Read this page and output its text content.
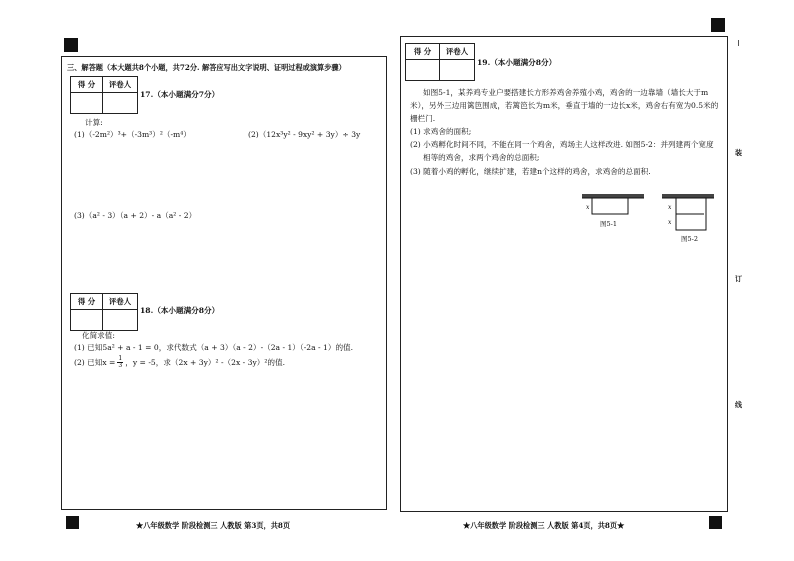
装
订
线
三、解答题（本大题共8个小题，共72分. 解答应写出文字说明、证明过程或演算步骤）
得 分	评卷人
17.（本小题满分7分）
计算:
(1)（-2m²）³+（-3m³）²（-m⁴）	(2)（12x³y² - 9xy² + 3y）÷ 3y
(3)（a² - 3）（a + 2）- a（a² - 2）
得 分	评卷人
18.（本小题满分8分）
化简求值:
(1) 已知5a² + a - 1 = 0，求代数式（a + 3）（a - 2）-（2a - 1）（-2a - 1）的值.
(2) 已知$x = \frac{1}{3}$ ，y = -5，求（2x + 3y）² -（2x - 3y）²的值.
★八年级数学 阶段检测三 人教版 第3页，共8页
得 分	评卷人
19.（本小题满分8分）
如图5-1，某养鸡专业户要搭建长方形养鸡舍养殖小鸡，鸡舍的一边靠墙（墙长大于m
米），另外三边用篱笆围成，若篱笆长为m米，垂直于墙的一边长x米，鸡舍右有宽为0.5米的
栅栏门.
(1) 求鸡舍的面积;
(2) 小鸡孵化时间不同，不能在同一个鸡舍，鸡场主人这样改进. 如图5-2：并列建两个宽度
相等的鸡舍，求两个鸡舍的总面积;
(3) 随着小鸡的孵化，继续扩建，若建n个这样的鸡舍，求鸡舍的总面积.
x
图5-1
x
x
图5-2
★八年级数学 阶段检测三 人教版 第4页，共8页★
